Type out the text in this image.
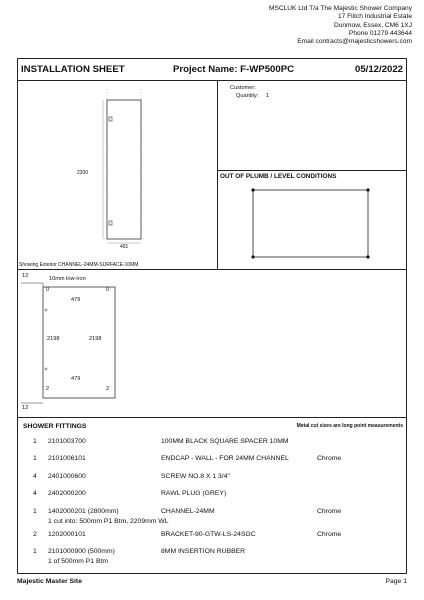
MSCLUK Ltd T/a The Majestic Shower Company
17 Flitch Industrial Estate
Dunmow, Essex, CM6 1XJ
Phone 01279 443644
Email contracts@majesticshowers.com
INSTALLATION SHEET	Project Name: F-WP500PC	05/12/2022
Customer:
Quantity: 1
OUT OF PLUMB / LEVEL CONDITIONS
2200
491
Showing Exterior CHANNEL-24MM-SURFACE-10MM
12	10mm low-iron
0	0
479
2198	2198
479
2	2
12
SHOWER FITTINGS	Metal cut sizes are long point measurements
1 2101003700	100MM BLACK SQUARE SPACER 10MM
1 2101006101	ENDCAP - WALL - FOR 24MM CHANNEL	Chrome
4 2401000600	SCREW NO.8 X 1 3/4"
4 2402000200	RAWL PLUG (GREY)
1 1402000201 (2800mm)	CHANNEL-24MM	Chrome
1 cut into: 500mm P1 Btm, 2209mm WL
2 1202000101	BRACKET-90-GTW-LS-24SGC	Chrome
1 2101000900 (500mm)	8MM INSERTION RUBBER
1 of 500mm P1 Btm
Majestic Master Site	Page 1
